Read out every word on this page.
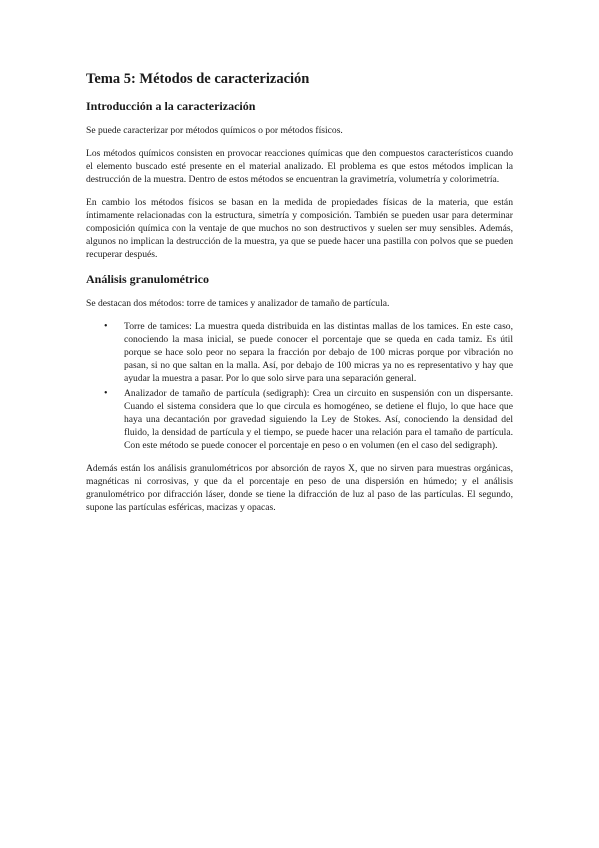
Tema 5: Métodos de caracterización
Introducción a la caracterización

Se puede caracterizar por métodos químicos o por métodos físicos.

Los métodos químicos consisten en provocar reacciones químicas que den compuestos característicos cuando el elemento buscado esté presente en el material analizado. El problema es que estos métodos implican la destrucción de la muestra. Dentro de estos métodos se encuentran la gravimetría, volumetría y colorimetría.

En cambio los métodos físicos se basan en la medida de propiedades físicas de la materia, que están íntimamente relacionadas con la estructura, simetría y composición. También se pueden usar para determinar composición química con la ventaje de que muchos no son destructivos y suelen ser muy sensibles. Además, algunos no implican la destrucción de la muestra, ya que se puede hacer una pastilla con polvos que se pueden recuperar después.

Análisis granulométrico

Se destacan dos métodos: torre de tamices y analizador de tamaño de partícula.

• Torre de tamices: La muestra queda distribuida en las distintas mallas de los tamices. En este caso, conociendo la masa inicial, se puede conocer el porcentaje que se queda en cada tamiz. Es útil porque se hace solo peor no separa la fracción por debajo de 100 micras porque por vibración no pasan, si no que saltan en la malla. Así, por debajo de 100 micras ya no es representativo y hay que ayudar la muestra a pasar. Por lo que solo sirve para una separación general.
• Analizador de tamaño de partícula (sedigraph): Crea un circuito en suspensión con un dispersante. Cuando el sistema considera que lo que circula es homogéneo, se detiene el flujo, lo que hace que haya una decantación por gravedad siguiendo la Ley de Stokes. Así, conociendo la densidad del fluido, la densidad de partícula y el tiempo, se puede hacer una relación para el tamaño de partícula. Con este método se puede conocer el porcentaje en peso o en volumen (en el caso del sedigraph).

Además están los análisis granulométricos por absorción de rayos X, que no sirven para muestras orgánicas, magnéticas ni corrosivas, y que da el porcentaje en peso de una dispersión en húmedo; y el análisis granulométrico por difracción láser, donde se tiene la difracción de luz al paso de las partículas. El segundo, supone las partículas esféricas, macizas y opacas.
